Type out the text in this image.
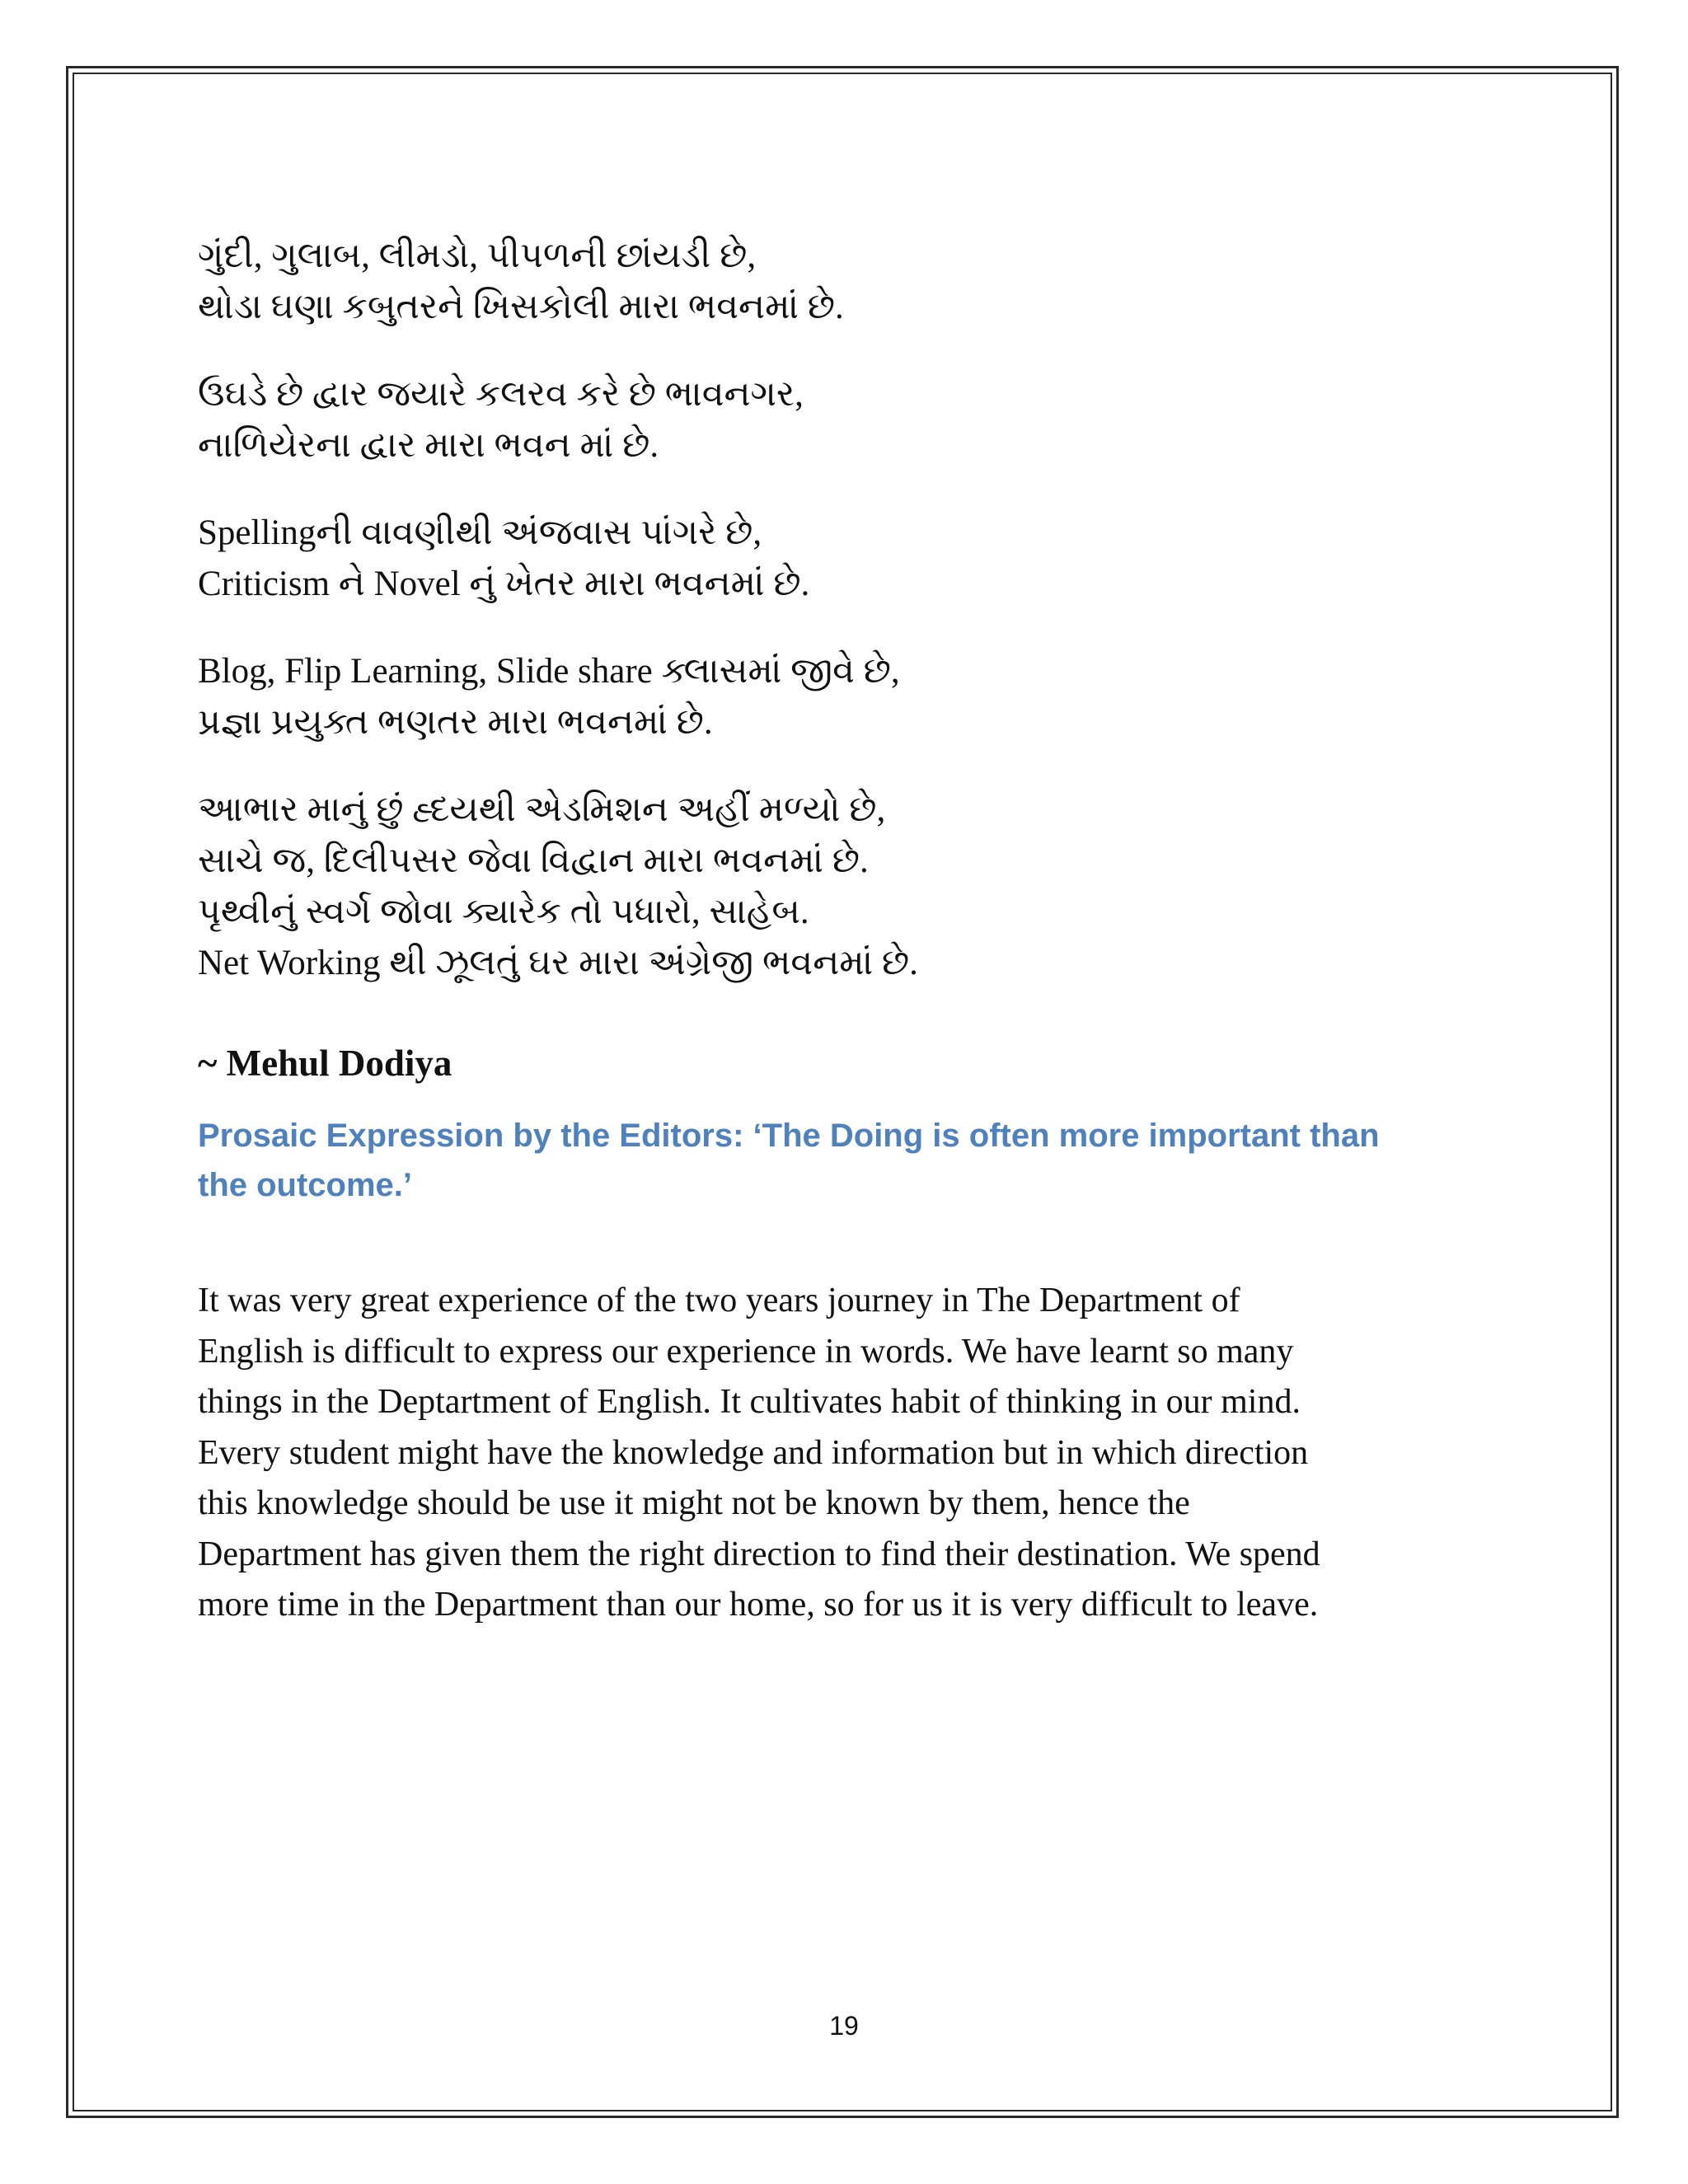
ગુંદી, ગુલાબ, લીમડો, પીપળની છાંયડી છે,
થોડા ઘણા કબુતરને ખિસકોલી મારા ભવનમાં છે.
ઉઘડે છે દ્વાર જયારે કલરવ કરે છે ભાવનગર,
નાળિયેરના દ્વાર મારા ભવન માં છે.
Spellingની વાવણીથી અંજવાસ પાંગરે છે,
Criticism ને Novel નું ખેતર મારા ભવનમાં છે.
Blog, Flip Learning, Slide share ક્લાસમાં જીવે છે,
પ્રજ્ઞા પ્રયુક્ત ભણતર મારા ભવનમાં છે.
આભાર માનું છું હ્દયથી એડમિશન અહીં મળ્યો છે,
સાચે જ, દિલીપસર જેવા વિદ્વાન મારા ભવનમાં છે.
પૃથ્વીનું સ્વર્ગ જોવા ક્યારેક તો પધારો, સાહેબ.
Net Working થી ઝૂલતું ઘર મારા અંગ્રેજી ભવનમાં છે.
~ Mehul Dodiya
Prosaic Expression by the Editors: ‘The Doing is often more important than
the outcome.’
It was very great experience of the two years journey in The Department of
English is difficult to express our experience in words. We have learnt so many
things in the Deptartment of English. It cultivates habit of thinking in our mind.
Every student might have the knowledge and information but in which direction
this knowledge should be use it might not be known by them, hence the
Department has given them the right direction to find their destination. We spend
more time in the Department than our home, so for us it is very difficult to leave.
19
